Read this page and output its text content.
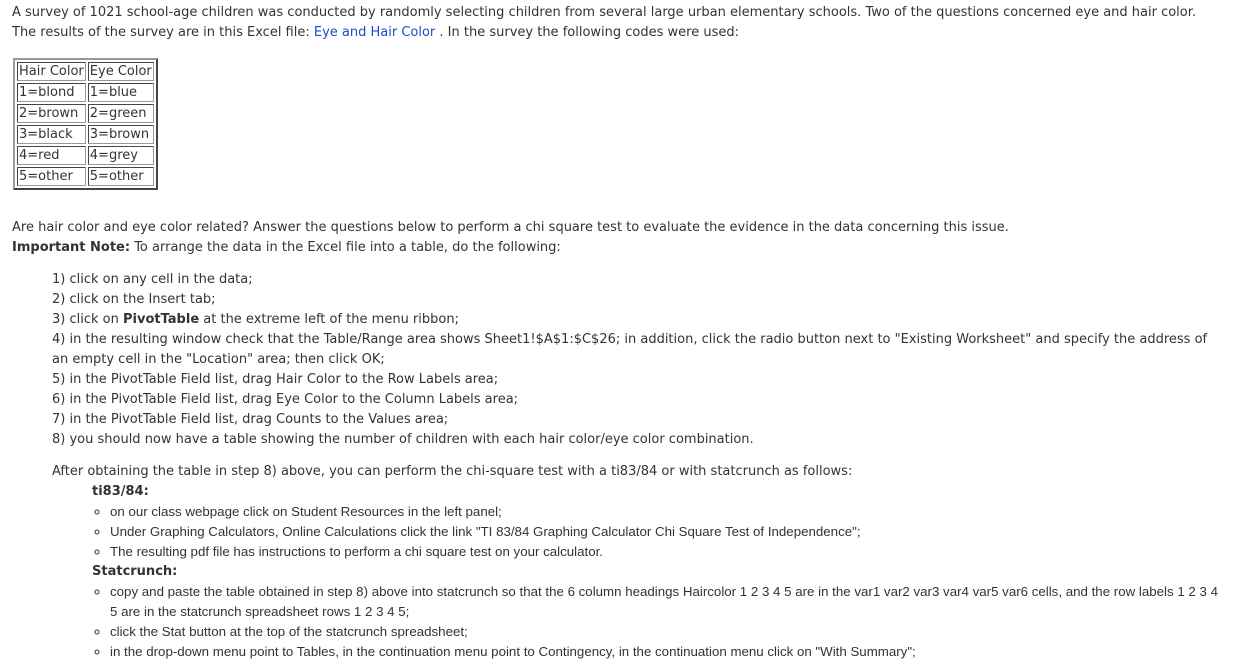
A survey of 1021 school-age children was conducted by randomly selecting children from several large urban elementary schools. Two of the questions concerned eye and hair color.
The results of the survey are in this Excel file: Eye and Hair Color . In the survey the following codes were used:
Hair Color	Eye Color
1=blond	1=blue
2=brown	2=green
3=black	3=brown
4=red	4=grey
5=other	5=other
Are hair color and eye color related? Answer the questions below to perform a chi square test to evaluate the evidence in the data concerning this issue.
Important Note: To arrange the data in the Excel file into a table, do the following:
1) click on any cell in the data;
2) click on the Insert tab;
3) click on PivotTable at the extreme left of the menu ribbon;
4) in the resulting window check that the Table/Range area shows Sheet1!$A$1:$C$26; in addition, click the radio button next to "Existing Worksheet" and specify the address of an empty cell in the "Location" area; then click OK;
5) in the PivotTable Field list, drag Hair Color to the Row Labels area;
6) in the PivotTable Field list, drag Eye Color to the Column Labels area;
7) in the PivotTable Field list, drag Counts to the Values area;
8) you should now have a table showing the number of children with each hair color/eye color combination.
After obtaining the table in step 8) above, you can perform the chi-square test with a ti83/84 or with statcrunch as follows:
ti83/84:
◦ on our class webpage click on Student Resources in the left panel;
◦ Under Graphing Calculators, Online Calculations click the link "TI 83/84 Graphing Calculator Chi Square Test of Independence";
◦ The resulting pdf file has instructions to perform a chi square test on your calculator.
Statcrunch:
◦ copy and paste the table obtained in step 8) above into statcrunch so that the 6 column headings Haircolor 1 2 3 4 5 are in the var1 var2 var3 var4 var5 var6 cells, and the row labels 1 2 3 4 5 are in the statcrunch spreadsheet rows 1 2 3 4 5;
◦ click the Stat button at the top of the statcrunch spreadsheet;
◦ in the drop-down menu point to Tables, in the continuation menu point to Contingency, in the continuation menu click on "With Summary";
